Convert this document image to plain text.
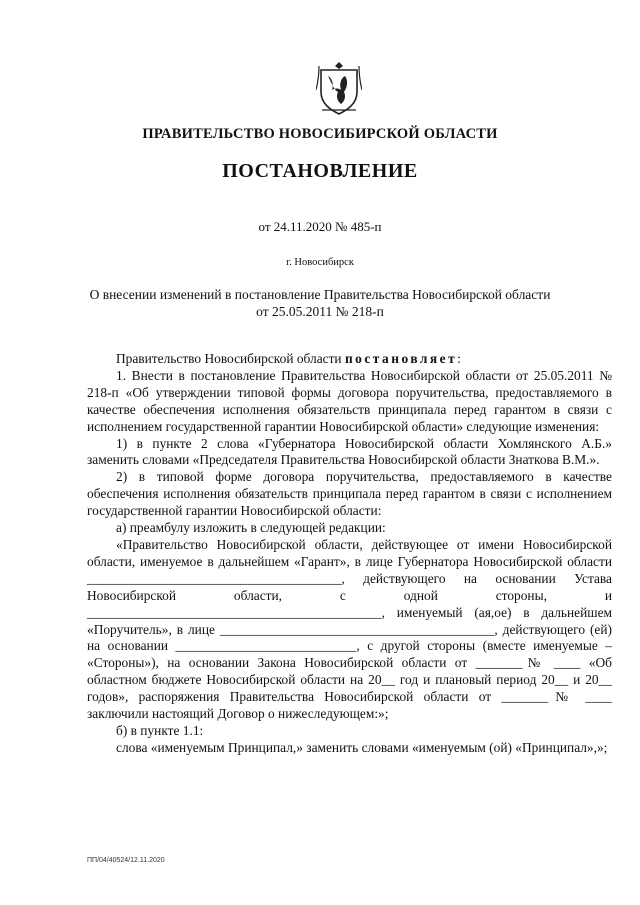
ПРАВИТЕЛЬСТВО НОВОСИБИРСКОЙ ОБЛАСТИ
ПОСТАНОВЛЕНИЕ
от 24.11.2020 № 485-п
г. Новосибирск
О внесении изменений в постановление Правительства Новосибирской области
от 25.05.2011 № 218-п

Правительство Новосибирской области постановляет:

1. Внести в постановление Правительства Новосибирской области от 25.05.2011 № 218-п «Об утверждении типовой формы договора поручительства, предоставляемого в качестве обеспечения исполнения обязательств принципала перед гарантом в связи с исполнением государственной гарантии Новосибирской области» следующие изменения:

1) в пункте 2 слова «Губернатора Новосибирской области Хомлянского А.Б.» заменить словами «Председателя Правительства Новосибирской области Знаткова В.М.».

2) в типовой форме договора поручительства, предоставляемого в качестве обеспечения исполнения обязательств принципала перед гарантом в связи с исполнением государственной гарантии Новосибирской области:

а) преамбулу изложить в следующей редакции:

«Правительство Новосибирской области, действующее от имени Новосибирской области, именуемое в дальнейшем «Гарант», в лице Губернатора Новосибирской области ______________________________________, действующего на основании Устава Новосибирской области, с одной стороны, и ____________________________________________, именуемый (ая,ое) в дальнейшем «Поручитель», в лице _________________________________________, действующего (ей) на основании ___________________________, с другой стороны (вместе именуемые – «Стороны»), на основании Закона Новосибирской области от _______№ ____ «Об областном бюджете Новосибирской области на 20__ год и плановый период 20__ и 20__ годов», распоряжения Правительства Новосибирской области от _______№ ____ заключили настоящий Договор о нижеследующем:»;

б) в пункте 1.1:

слова «именуемым Принципал,» заменить словами «именуемым (ой) «Принципал»,»;

ПП/04/40524/12.11.2020
